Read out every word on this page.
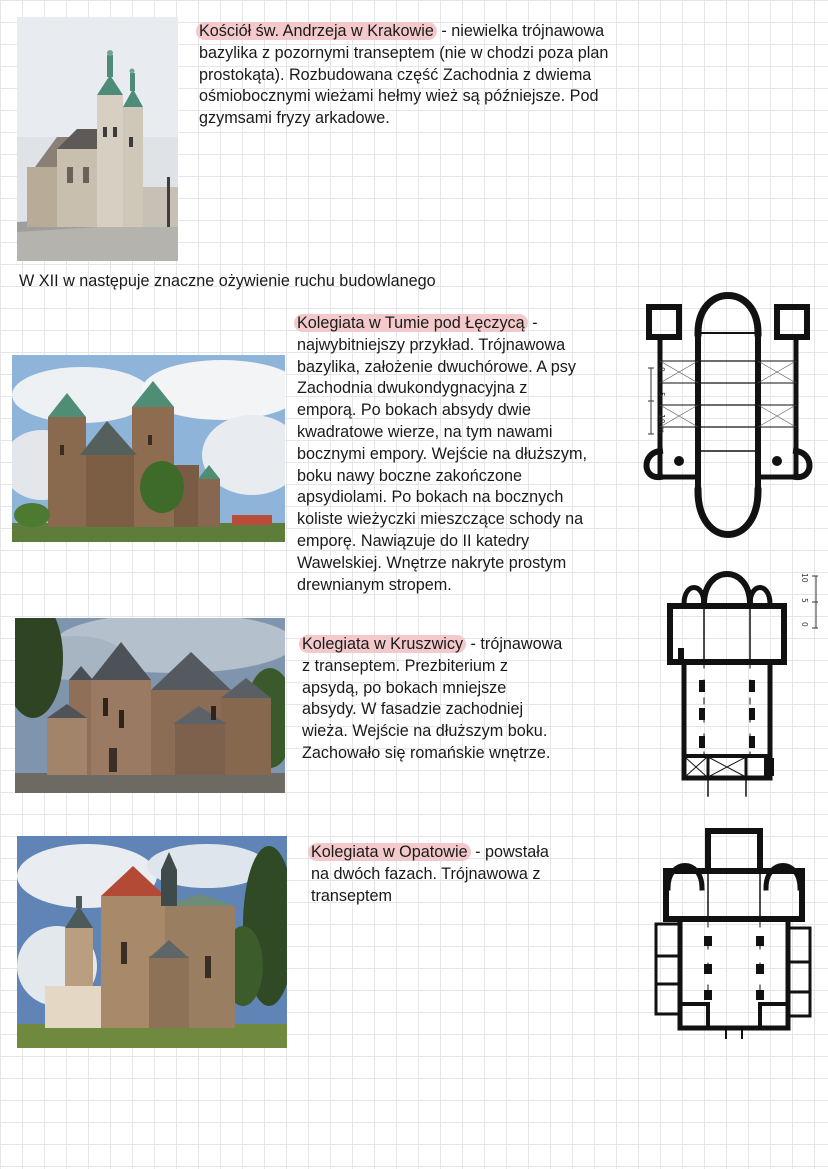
Kościół św. Andrzeja w Krakowie - niewielka trójnawowa
bazylika z pozornymi transeptem (nie w chodzi poza plan
prostokąta). Rozbudowana część Zachodnia z dwiema
ośmiobocznymi wieżami hełmy wież są późniejsze. Pod
gzymsami fryzy arkadowe.
W XII w następuje znaczne ożywienie ruchu budowlanego
Kolegiata w Tumie pod Łęczycą -
najwybitniejszy przykład. Trójnawowa
bazylika, założenie dwuchórowe. A psy
Zachodnia dwukondygnacyjna z
emporą. Po bokach absydy dwie
kwadratowe wierze, na tym nawami
bocznymi empory. Wejście na dłuższym,
boku nawy boczne zakończone
apsydiolami. Po bokach na bocznych
koliste wieżyczki mieszczące schody na
emporę. Nawiązuje do II katedry
Wawelskiej. Wnętrze nakryte prostym
drewnianym stropem.
0
5
10 m
Kolegiata w Kruszwicy - trójnawowa
z transeptem. Prezbiterium z
apsydą, po bokach mniejsze
absydy. W fasadzie zachodniej
wieża. Wejście na dłuższym boku.
Zachowało się romańskie wnętrze.
10
5
0
Kolegiata w Opatowie - powstała
na dwóch fazach. Trójnawowa z
transeptem
